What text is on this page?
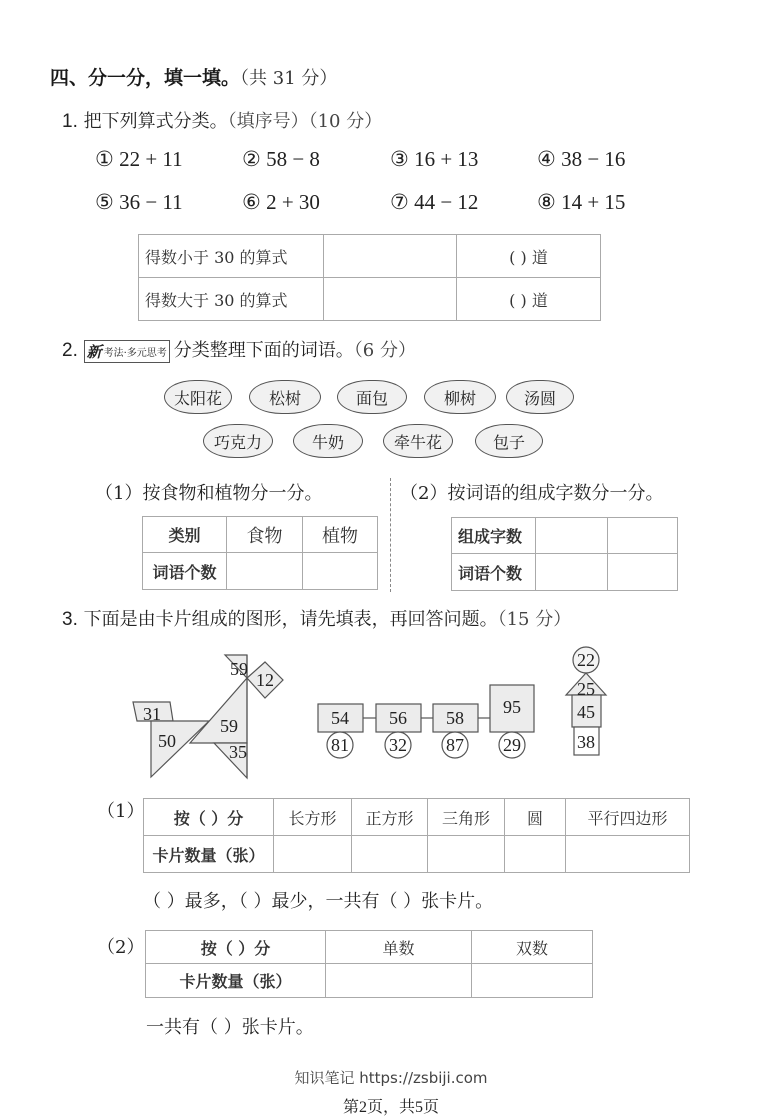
四、分一分，填一填。（共 31 分）
1. 把下列算式分类。（填序号）（10 分）
① 22 + 11	② 58 − 8	③ 16 + 13	④ 38 − 16
⑤ 36 − 11	⑥ 2 + 30	⑦ 44 − 12	⑧ 14 + 15
得数小于 30 的算式		( ) 道
得数大于 30 的算式		( ) 道
2. 新 考法·多元思考 分类整理下面的词语。（6 分）
太阳花	松树	面包	柳树	汤圆
巧克力	牛奶	牵牛花	包子
（1）按食物和植物分一分。	（2）按词语的组成字数分一分。
类别	食物	植物
词语个数		
组成字数		
词语个数		
3. 下面是由卡片组成的图形，请先填表，再回答问题。（15 分）
59
12
31
59
50
35
54 56 58
95
81 32 87 29
22
25
45
38
（1） 按（ ）分	长方形	正方形	三角形	圆	平行四边形
卡片数量（张）					
（ ）最多，（ ）最少，一共有（ ）张卡片。
（2）	按（ ）分	单数	双数
卡片数量（张）		
一共有（ ）张卡片。
知识笔记 https://zsbiji.com
第2页，共5页
